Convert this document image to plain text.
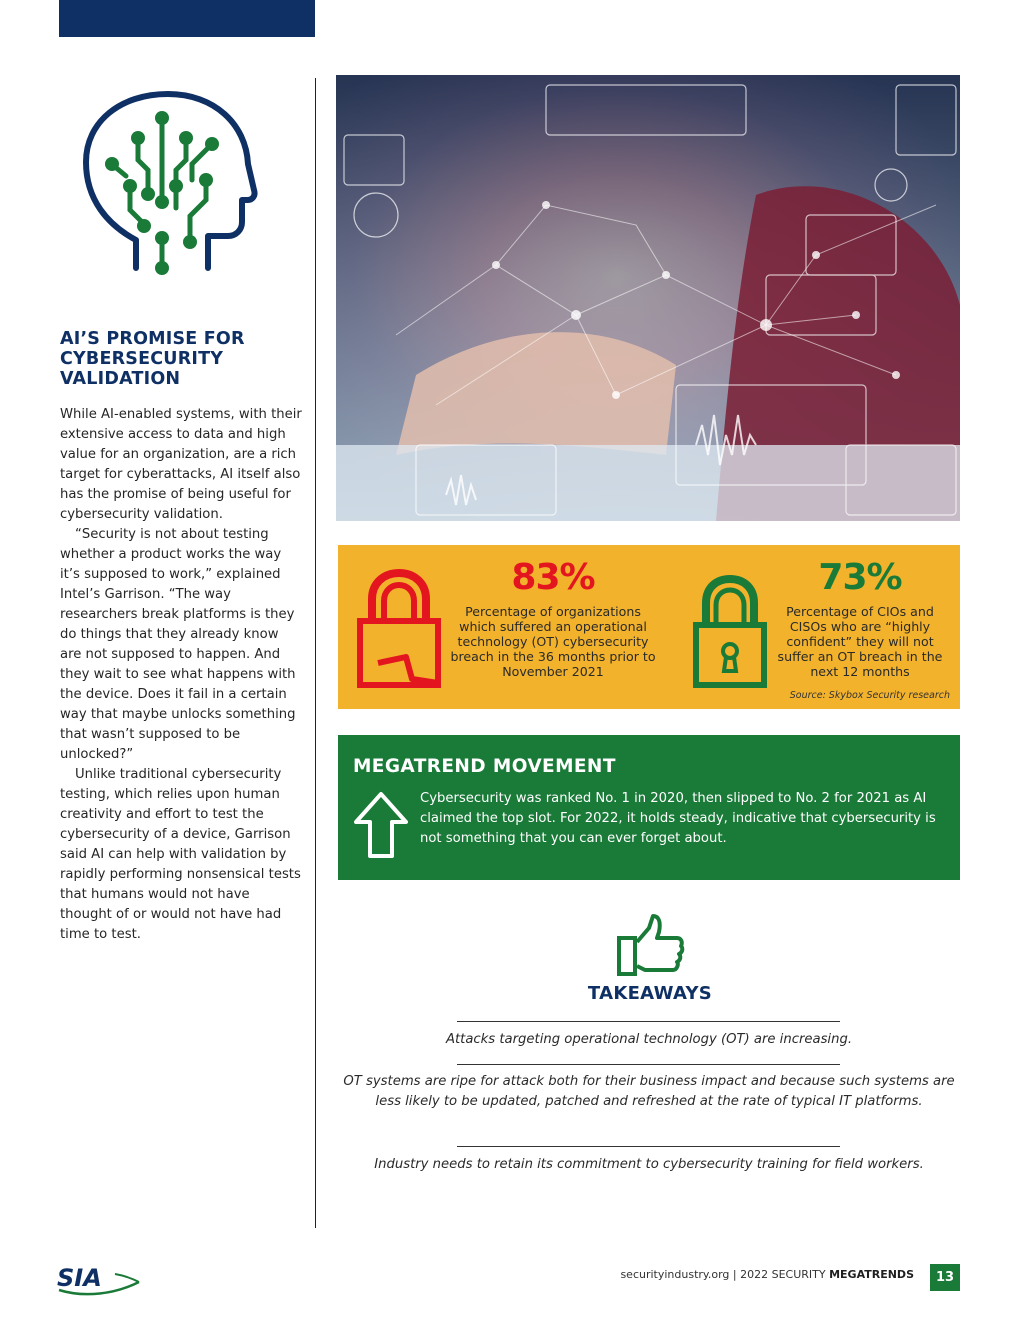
AI’S PROMISE FOR CYBERSECURITY VALIDATION

While AI-enabled systems, with their extensive access to data and high value for an organization, are a rich target for cyberattacks, AI itself also has the promise of being useful for cybersecurity validation.

“Security is not about testing whether a product works the way it’s supposed to work,” explained Intel’s Garrison. “The way researchers break platforms is they do things that they already know are not supposed to happen. And they wait to see what happens with the device. Does it fail in a certain way that maybe unlocks something that wasn’t supposed to be unlocked?”

Unlike traditional cybersecurity testing, which relies upon human creativity and effort to test the cybersecurity of a device, Garrison said AI can help with validation by rapidly performing nonsensical tests that humans would not have thought of or would not have had time to test.

83%
Percentage of organizations which suffered an operational technology (OT) cybersecurity breach in the 36 months prior to November 2021
73%
Percentage of CIOs and CISOs who are “highly confident” they will not suffer an OT breach in the next 12 months
Source: Skybox Security research
MEGATREND MOVEMENT
Cybersecurity was ranked No. 1 in 2020, then slipped to No. 2 for 2021 as AI claimed the top slot. For 2022, it holds steady, indicative that cybersecurity is not something that you can ever forget about.
TAKEAWAYS
Attacks targeting operational technology (OT) are increasing.
OT systems are ripe for attack both for their business impact and because such systems are less likely to be updated, patched and refreshed at the rate of typical IT platforms.
Industry needs to retain its commitment to cybersecurity training for field workers.
SIA	securityindustry.org | 2022 SECURITY MEGATRENDS	13
